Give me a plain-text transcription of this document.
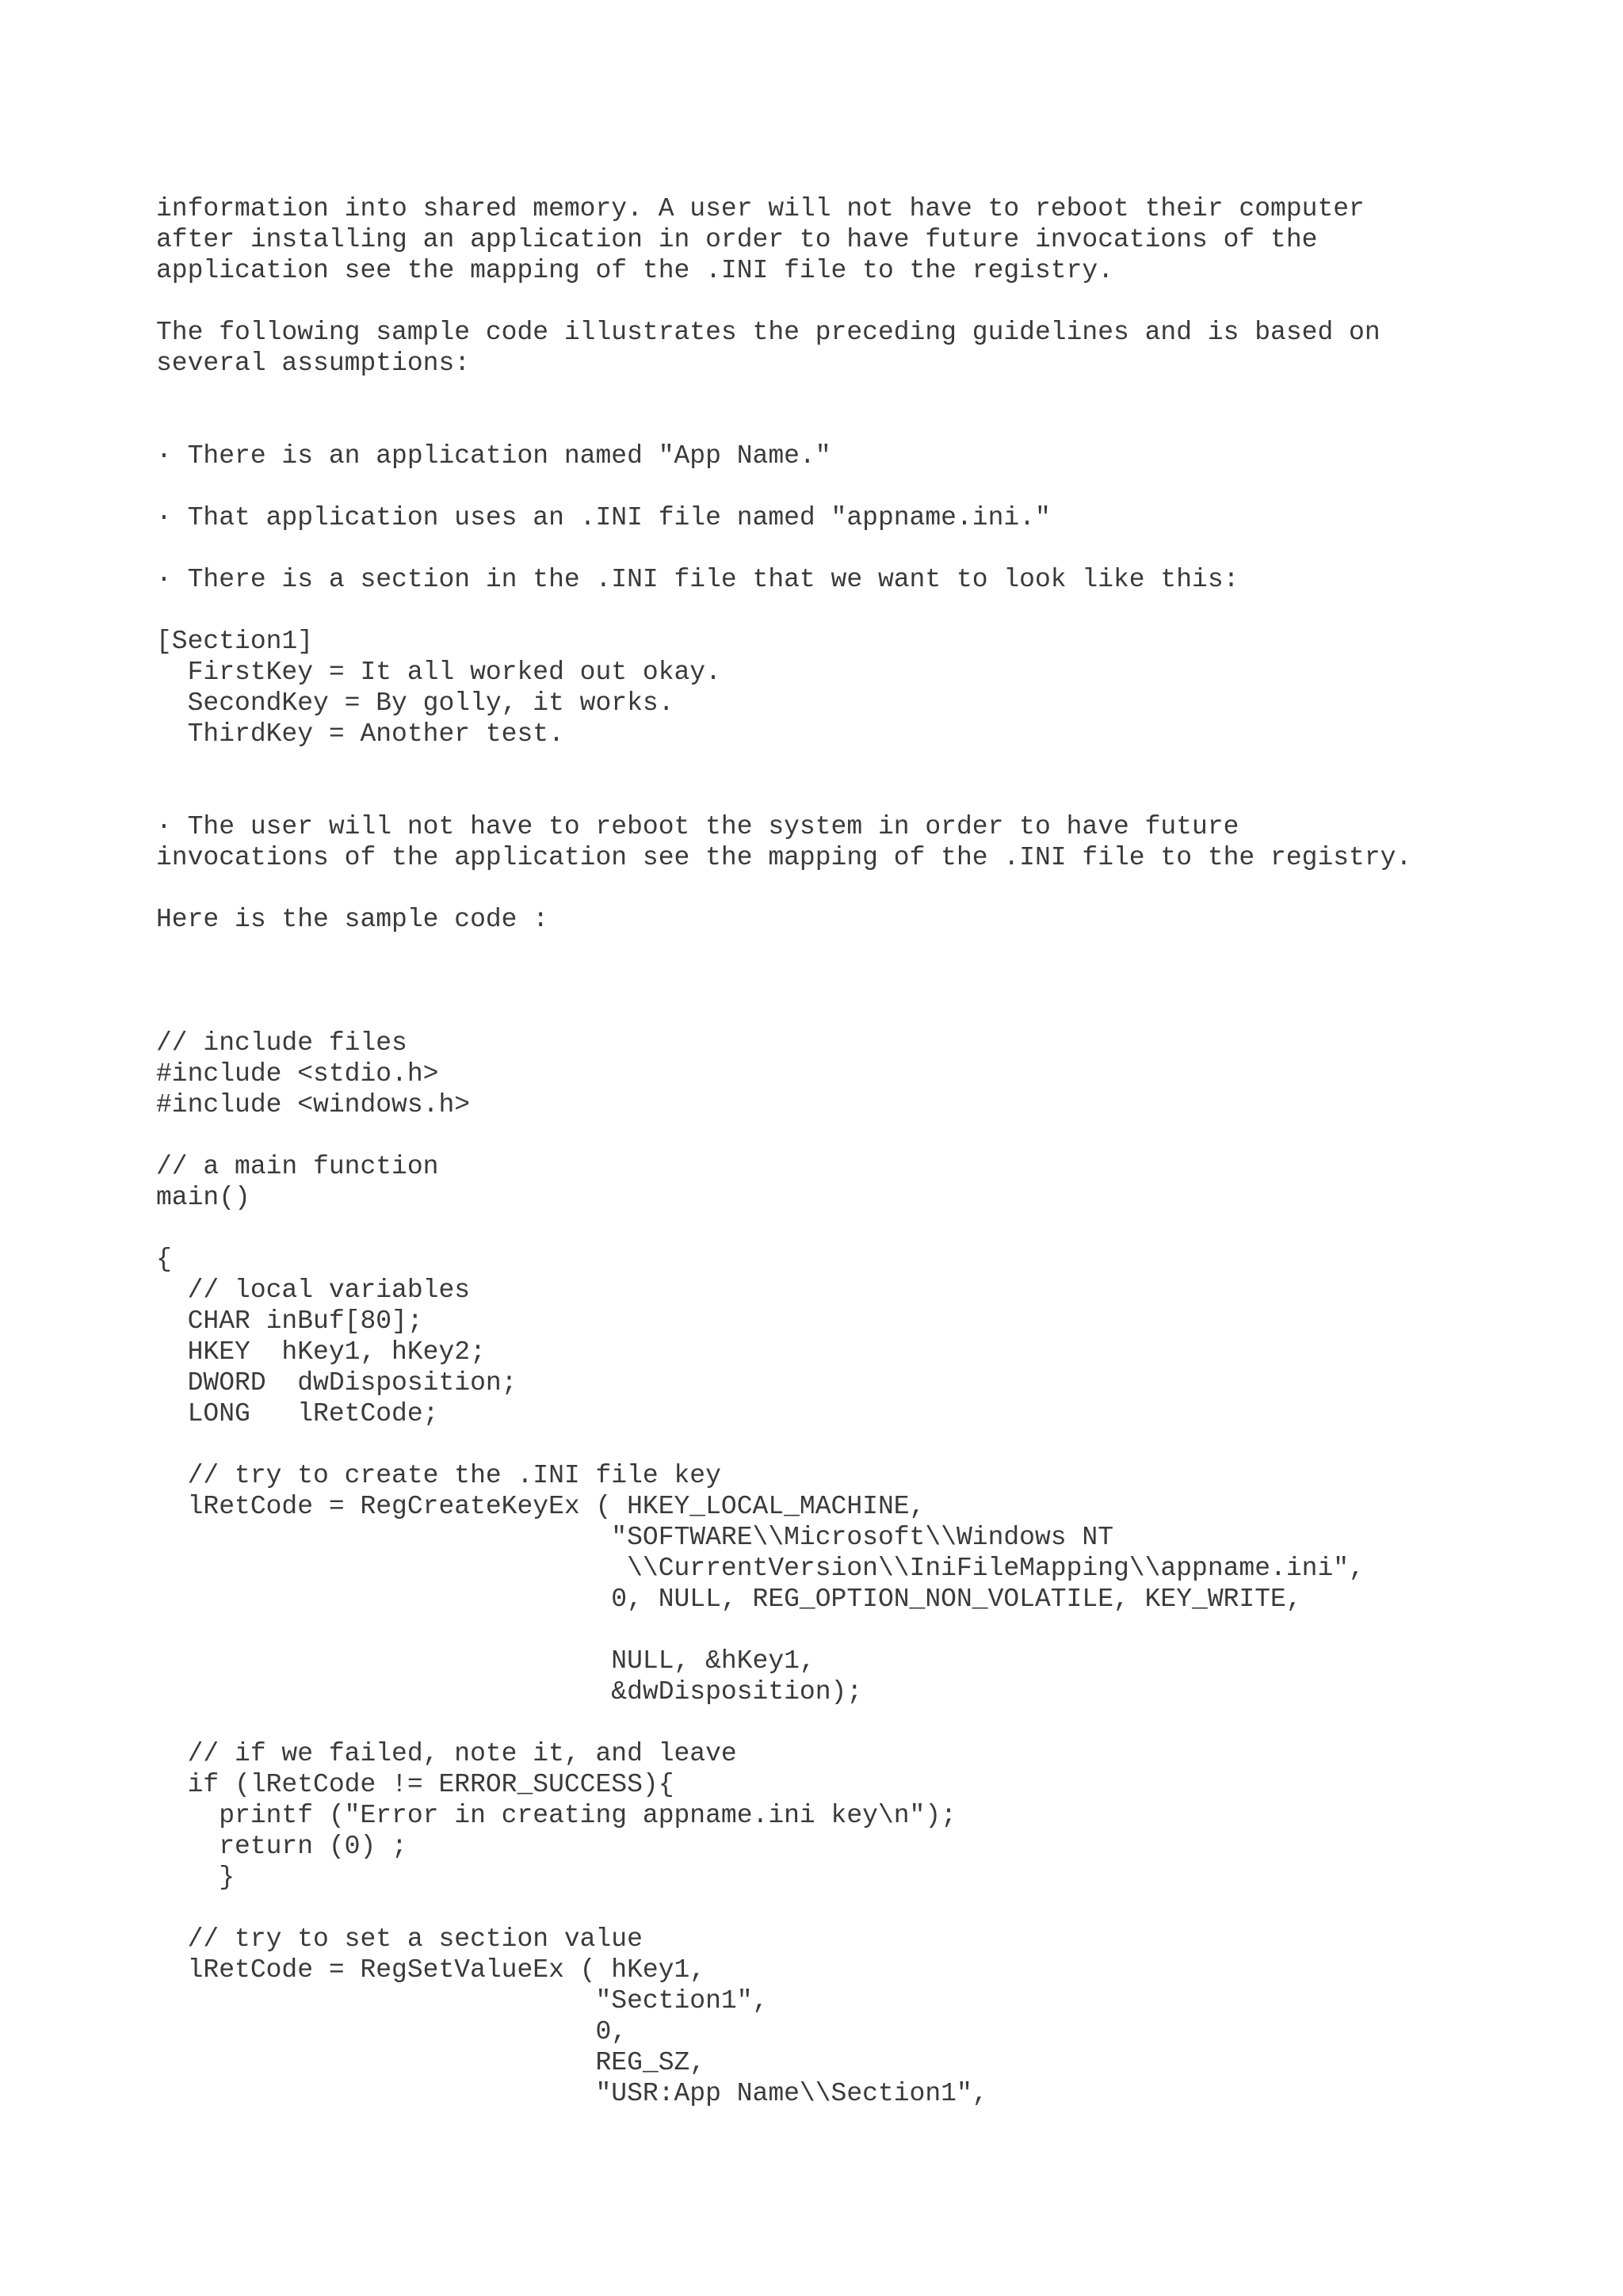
information into shared memory. A user will not have to reboot their computer
after installing an application in order to have future invocations of the
application see the mapping of the .INI file to the registry.
The following sample code illustrates the preceding guidelines and is based on
several assumptions:
· There is an application named "App Name."
· That application uses an .INI file named "appname.ini."
· There is a section in the .INI file that we want to look like this:
[Section1]
FirstKey = It all worked out okay.
SecondKey = By golly, it works.
ThirdKey = Another test.
· The user will not have to reboot the system in order to have future
invocations of the application see the mapping of the .INI file to the registry.
Here is the sample code :
// include files
#include <stdio.h>
#include <windows.h>
// a main function
main()
{
// local variables
CHAR inBuf[80];
HKEY  hKey1, hKey2;
DWORD  dwDisposition;
LONG   lRetCode;
// try to create the .INI file key
lRetCode = RegCreateKeyEx ( HKEY_LOCAL_MACHINE,
"SOFTWARE\\Microsoft\\Windows NT
\\CurrentVersion\\IniFileMapping\\appname.ini",
0, NULL, REG_OPTION_NON_VOLATILE, KEY_WRITE,
NULL, &hKey1,
&dwDisposition);
// if we failed, note it, and leave
if (lRetCode != ERROR_SUCCESS){
printf ("Error in creating appname.ini key\n");
return (0) ;
}
// try to set a section value
lRetCode = RegSetValueEx ( hKey1,
"Section1",
0,
REG_SZ,
"USR:App Name\\Section1",
